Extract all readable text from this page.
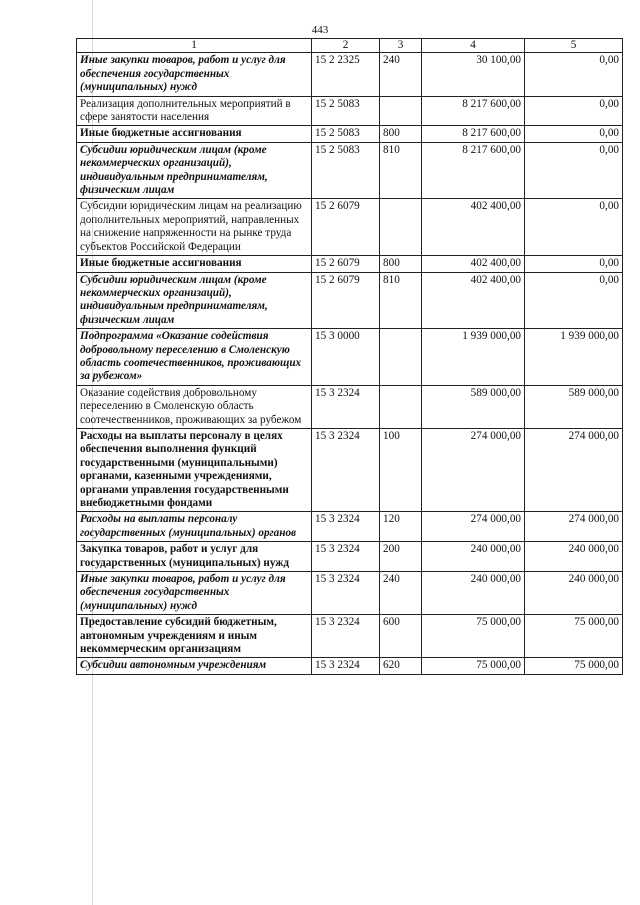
443
1	2	3	4	5
Иные закупки товаров, работ и услуг для обеспечения государственных (муниципальных) нужд	15 2 2325	240	30 100,00	0,00
Реализация дополнительных мероприятий в сфере занятости населения	15 2 5083		8 217 600,00	0,00
Иные бюджетные ассигнования	15 2 5083	800	8 217 600,00	0,00
Субсидии юридическим лицам (кроме некоммерческих организаций), индивидуальным предпринимателям, физическим лицам	15 2 5083	810	8 217 600,00	0,00
Субсидии юридическим лицам на реализацию дополнительных мероприятий, направленных на снижение напряженности на рынке труда субъектов Российской Федерации	15 2 6079		402 400,00	0,00
Иные бюджетные ассигнования	15 2 6079	800	402 400,00	0,00
Субсидии юридическим лицам (кроме некоммерческих организаций), индивидуальным предпринимателям, физическим лицам	15 2 6079	810	402 400,00	0,00
Подпрограмма «Оказание содействия добровольному переселению в Смоленскую область соотечественников, проживающих за рубежом»	15 3 0000		1 939 000,00	1 939 000,00
Оказание содействия добровольному переселению в Смоленскую область соотечественников, проживающих за рубежом	15 3 2324		589 000,00	589 000,00
Расходы на выплаты персоналу в целях обеспечения выполнения функций государственными (муниципальными) органами, казенными учреждениями, органами управления государственными внебюджетными фондами	15 3 2324	100	274 000,00	274 000,00
Расходы на выплаты персоналу государственных (муниципальных) органов	15 3 2324	120	274 000,00	274 000,00
Закупка товаров, работ и услуг для государственных (муниципальных) нужд	15 3 2324	200	240 000,00	240 000,00
Иные закупки товаров, работ и услуг для обеспечения государственных (муниципальных) нужд	15 3 2324	240	240 000,00	240 000,00
Предоставление субсидий бюджетным, автономным учреждениям и иным некоммерческим организациям	15 3 2324	600	75 000,00	75 000,00
Субсидии автономным учреждениям	15 3 2324	620	75 000,00	75 000,00
